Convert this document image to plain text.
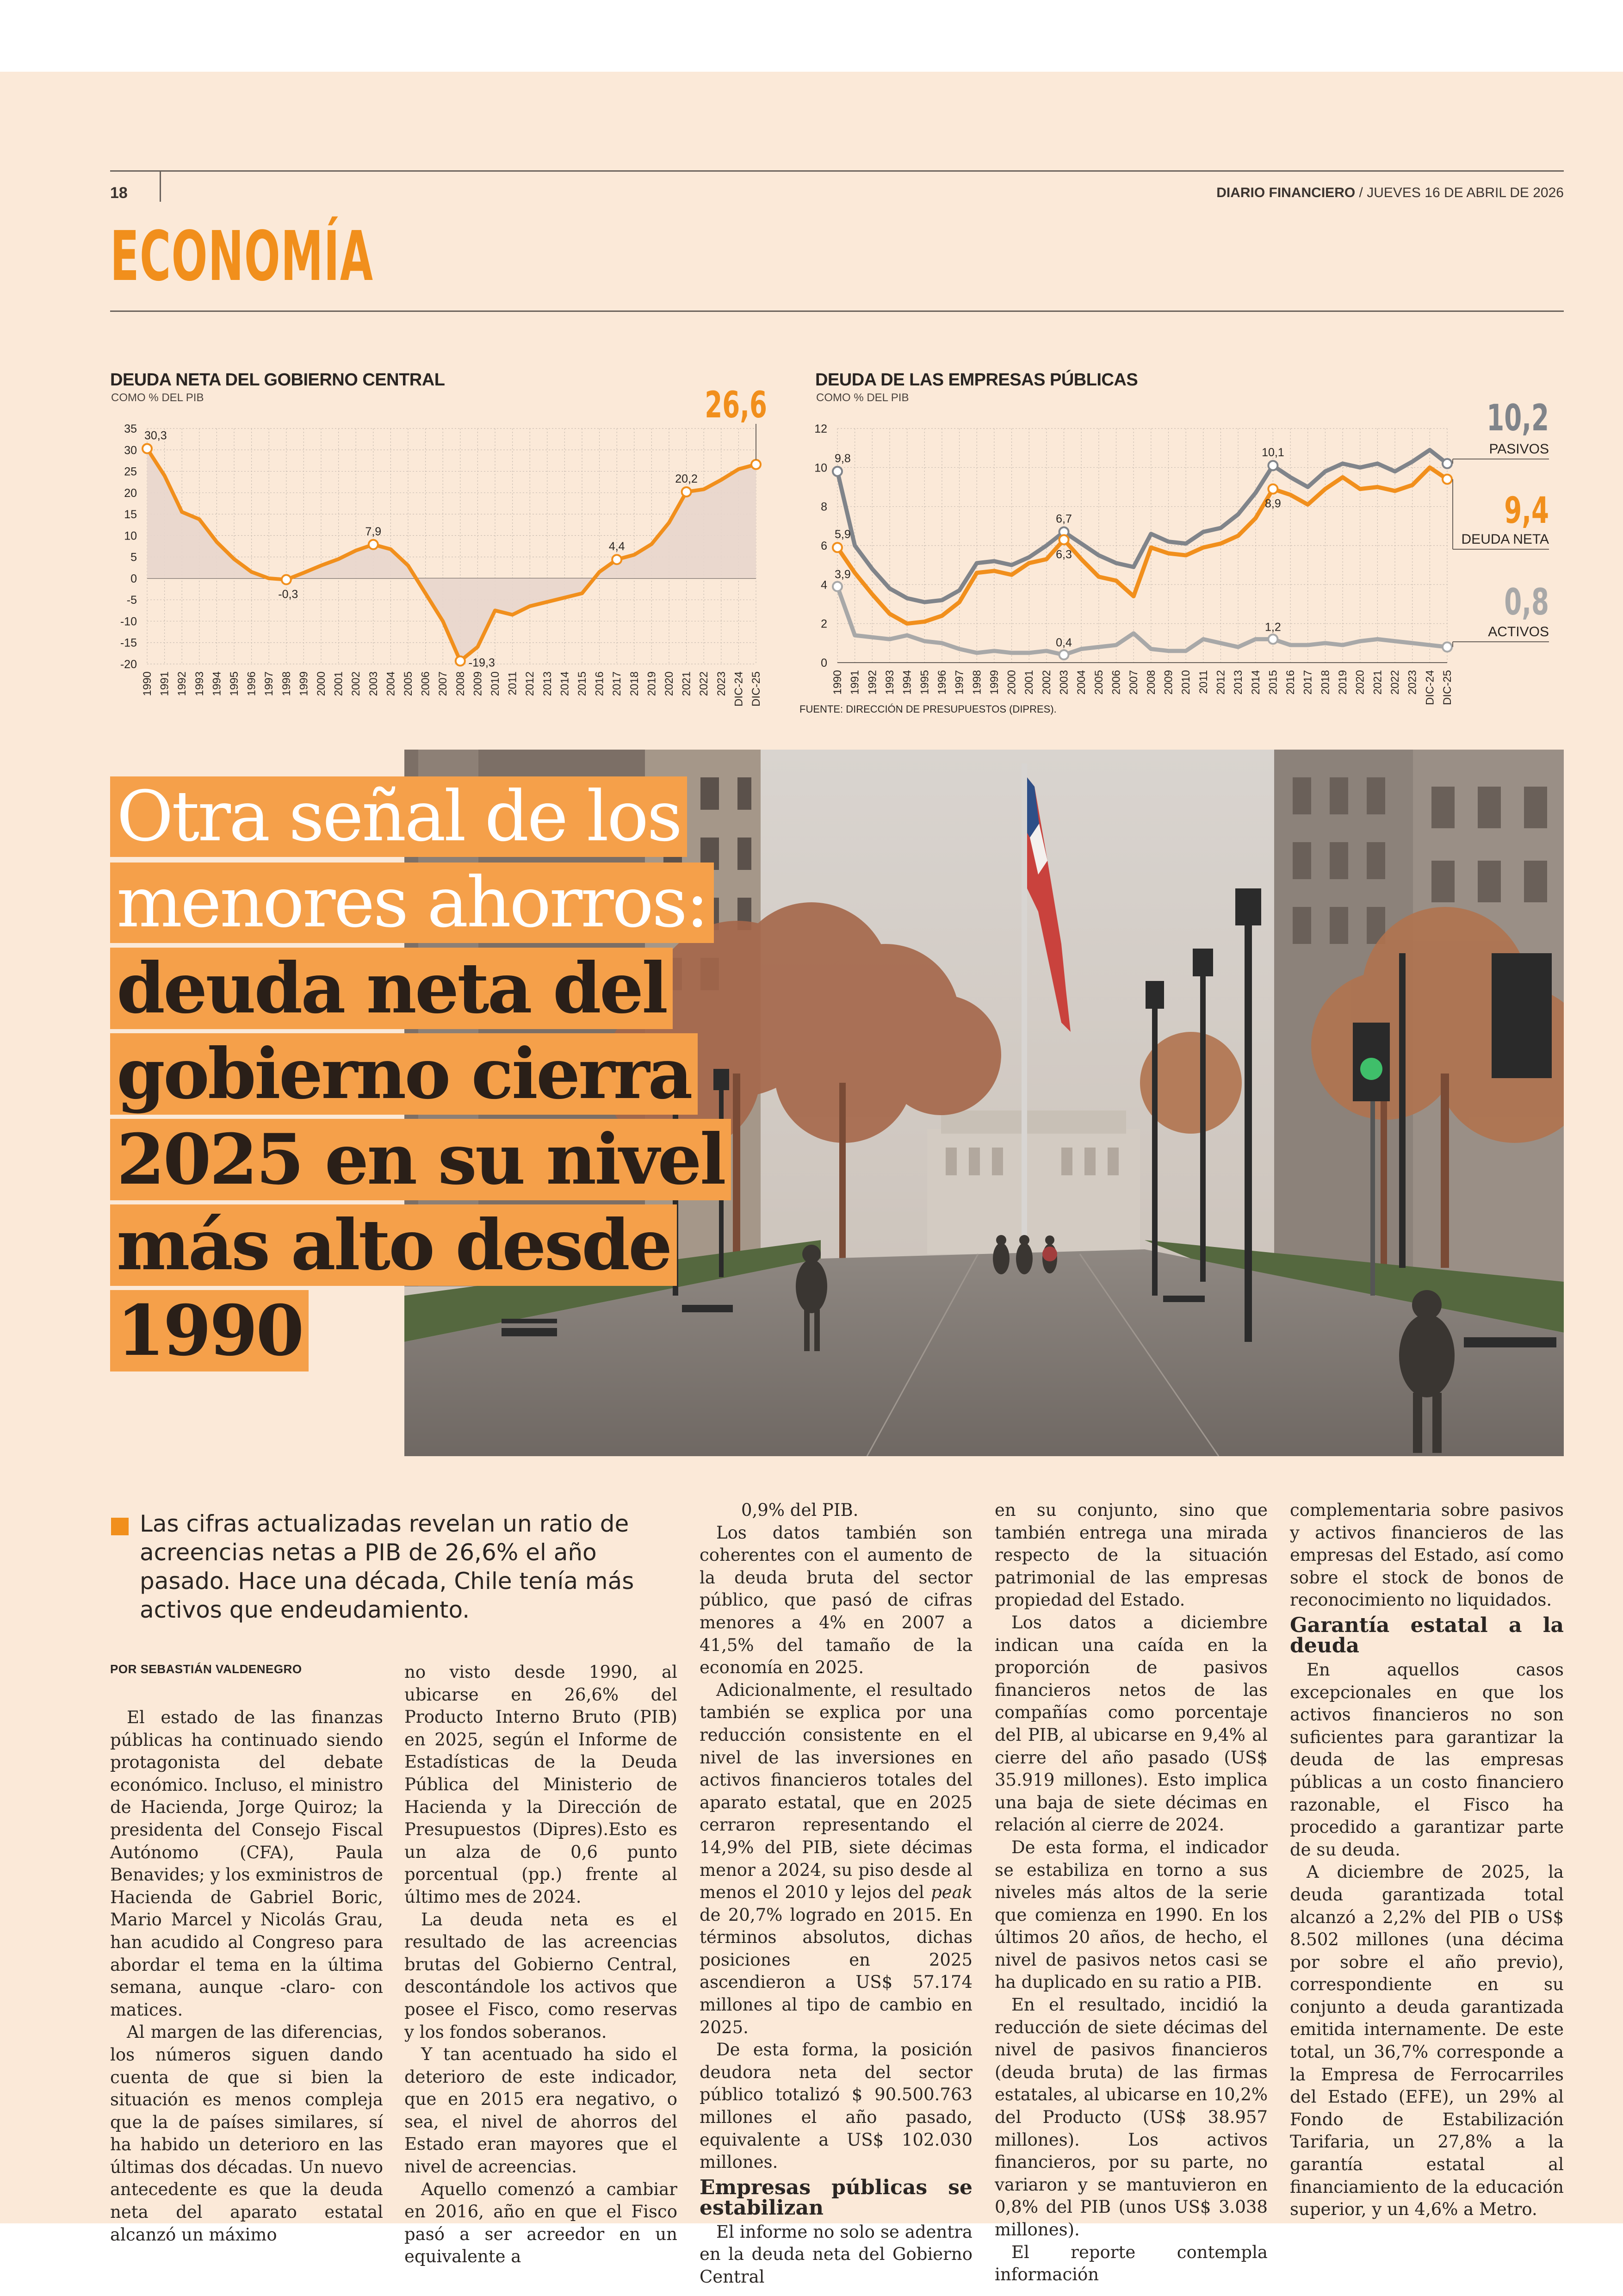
18	DIARIO FINANCIERO / JUEVES 16 DE ABRIL DE 2026
ECONOMÍA
DEUDA NETA DEL GOBIERNO CENTRAL
COMO % DEL PIB
35
30
25
20
15
10
5
0
-5
-10
-15
-20
1990 1991 1992 1993 1994 1995 1996 1997 1998 1999 2000 2001 2002 2003 2004 2005 2006 2007 2008 2009 2010 2011 2012 2013 2014 2015 2016 2017 2018 2019 2020 2021 2022 2023 DIC-24 DIC-25
30,3
-0,3
7,9
-19,3
4,4
20,2
26,6
DEUDA DE LAS EMPRESAS PÚBLICAS
COMO % DEL PIB
12
10
8
6
4
2
0
1990 1991 1992 1993 1994 1995 1996 1997 1998 1999 2000 2001 2002 2003 2004 2005 2006 2007 2008 2009 2010 2011 2012 2013 2014 2015 2016 2017 2018 2019 2020 2021 2022 2023 DIC-24 DIC-25
9,8
5,9
3,9
6,7
6,3
0,4
10,1
8,9
1,2
10,2
PASIVOS
9,4
DEUDA NETA
0,8
ACTIVOS
FUENTE: DIRECCIÓN DE PRESUPUESTOS (DIPRES).
Otra señal de los
menores ahorros:
deuda neta del
gobierno cierra
2025 en su nivel
más alto desde
1990
Las cifras actualizadas revelan un ratio de acreencias netas a PIB de 26,6% el año pasado. Hace una década, Chile tenía más activos que endeudamiento.
POR SEBASTIÁN VALDENEGRO

El estado de las finanzas públicas ha continuado siendo protagonista del debate económico. Incluso, el ministro de Hacienda, Jorge Quiroz; la presidenta del Consejo Fiscal Autónomo (CFA), Paula Benavides; y los exministros de Hacienda de Gabriel Boric, Mario Marcel y Nicolás Grau, han acudido al Congreso para abordar el tema en la última semana, aunque -claro- con matices.

Al margen de las diferencias, los números siguen dando cuenta de que si bien la situación es menos compleja que la de países similares, sí ha habido un deterioro en las últimas dos décadas. Un nuevo antecedente es que la deuda neta del aparato estatal alcanzó un máximo

no visto desde 1990, al ubicarse en 26,6% del Producto Interno Bruto (PIB) en 2025, según el Informe de Estadísticas de la Deuda Pública del Ministerio de Hacienda y la Dirección de Presupuestos (Dipres).Esto es un alza de 0,6 punto porcentual (pp.) frente al último mes de 2024.

La deuda neta es el resultado de las acreencias brutas del Gobierno Central, descontándole los activos que posee el Fisco, como reservas y los fondos soberanos.

Y tan acentuado ha sido el deterioro de este indicador, que en 2015 era negativo, o sea, el nivel de ahorros del Estado eran mayores que el nivel de acreencias.

Aquello comenzó a cambiar en 2016, año en que el Fisco pasó a ser acreedor en un equivalente a

0,9% del PIB.

Los datos también son coherentes con el aumento de la deuda bruta del sector público, que pasó de cifras menores a 4% en 2007 a 41,5% del tamaño de la economía en 2025.

Adicionalmente, el resultado también se explica por una reducción consistente en el nivel de las inversiones en activos financieros totales del aparato estatal, que en 2025 cerraron representando el 14,9% del PIB, siete décimas menor a 2024, su piso desde al menos el 2010 y lejos del peak de 20,7% logrado en 2015. En términos absolutos, dichas posiciones en 2025 ascendieron a US$ 57.174 millones al tipo de cambio en 2025.

De esta forma, la posición deudora neta del sector público totalizó $ 90.500.763 millones el año pasado, equivalente a US$ 102.030 millones.

Empresas públicas se estabilizan

El informe no solo se adentra en la deuda neta del Gobierno Central

en su conjunto, sino que también entrega una mirada respecto de la situación patrimonial de las empresas propiedad del Estado.

Los datos a diciembre indican una caída en la proporción de pasivos financieros netos de las compañías como porcentaje del PIB, al ubicarse en 9,4% al cierre del año pasado (US$ 35.919 millones). Esto implica una baja de siete décimas en relación al cierre de 2024.

De esta forma, el indicador se estabiliza en torno a sus niveles más altos de la serie que comienza en 1990. En los últimos 20 años, de hecho, el nivel de pasivos netos casi se ha duplicado en su ratio a PIB.

En el resultado, incidió la reducción de siete décimas del nivel de pasivos financieros (deuda bruta) de las firmas estatales, al ubicarse en 10,2% del Producto (US$ 38.957 millones). Los activos financieros, por su parte, no variaron y se mantuvieron en 0,8% del PIB (unos US$ 3.038 millones).

El reporte contempla información

complementaria sobre pasivos y activos financieros de las empresas del Estado, así como sobre el stock de bonos de reconocimiento no liquidados.

Garantía estatal a la deuda

En aquellos casos excepcionales en que los activos financieros no son suficientes para garantizar la deuda de las empresas públicas a un costo financiero razonable, el Fisco ha procedido a garantizar parte de su deuda.

A diciembre de 2025, la deuda garantizada total alcanzó a 2,2% del PIB o US$ 8.502 millones (una décima por sobre el año previo), correspondiente en su conjunto a deuda garantizada emitida internamente. De este total, un 36,7% corresponde a la Empresa de Ferrocarriles del Estado (EFE), un 29% al Fondo de Estabilización Tarifaria, un 27,8% a la garantía estatal al financiamiento de la educación superior, y un 4,6% a Metro.
